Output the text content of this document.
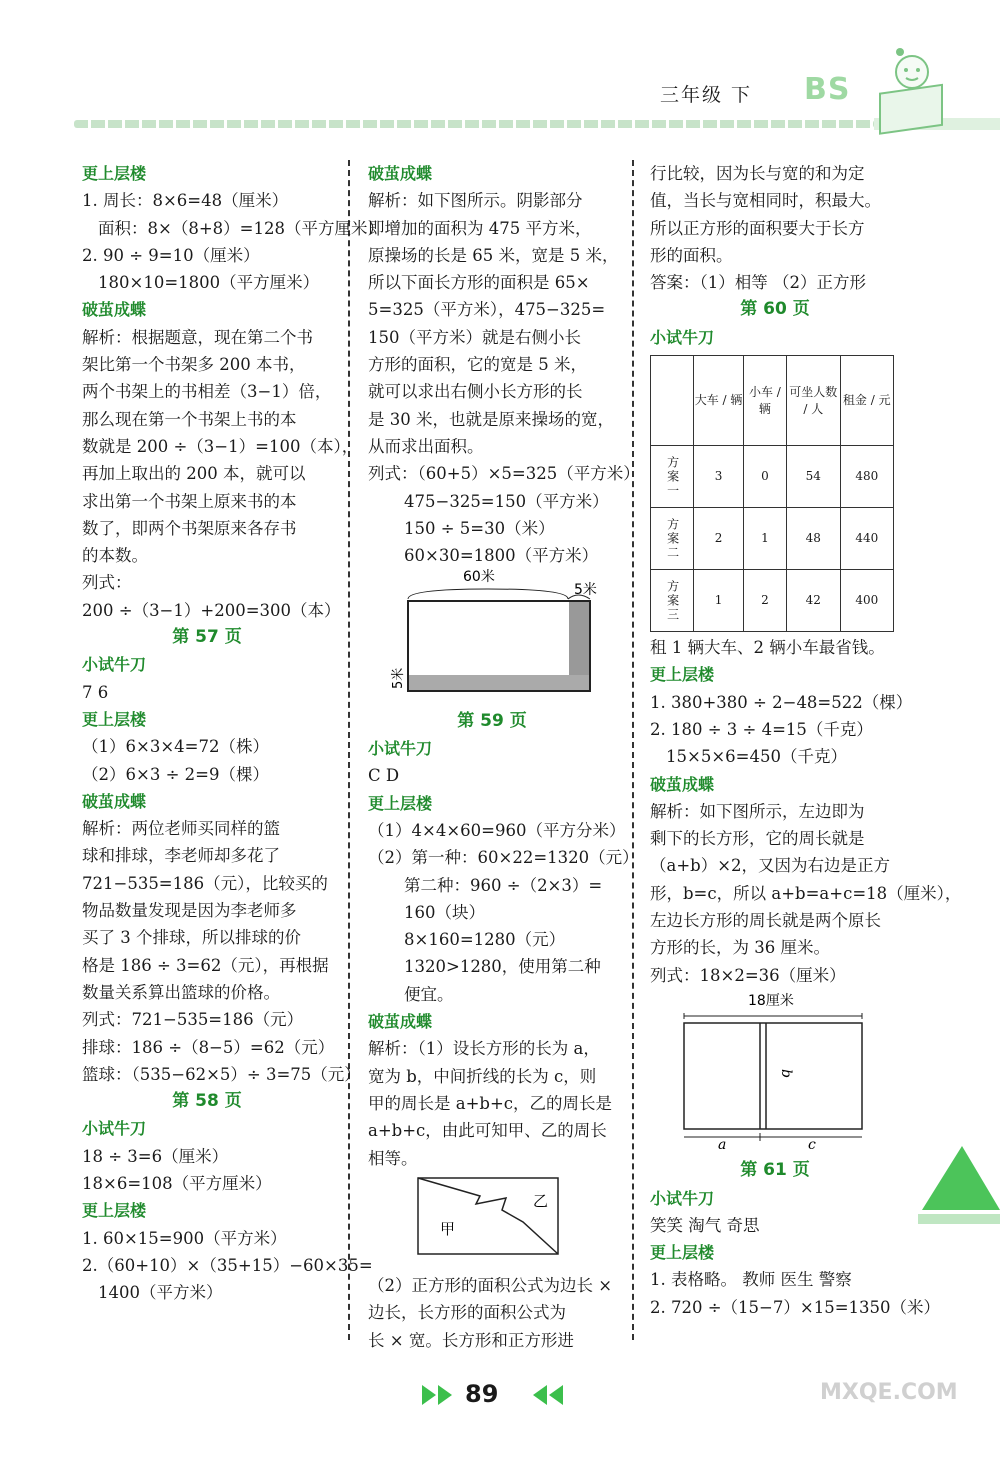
三年级 下 BS
更上层楼
1. 周长：8×6=48（厘米）
面积：8×（8+8）=128（平方厘米）
2. 90 ÷ 9=10（厘米）
180×10=1800（平方厘米）
破茧成蝶
解析：根据题意，现在第二个书
架比第一个书架多 200 本书，
两个书架上的书相差（3−1）倍，
那么现在第一个书架上书的本
数就是 200 ÷（3−1）=100（本），
再加上取出的 200 本，就可以
求出第一个书架上原来书的本
数了，即两个书架原来各存书
的本数。
列式：
200 ÷（3−1）+200=300（本）
第 57 页
小试牛刀
7 6
更上层楼
（1）6×3×4=72（株）
（2）6×3 ÷ 2=9（棵）
破茧成蝶
解析：两位老师买同样的篮
球和排球，李老师却多花了
721−535=186（元），比较买的
物品数量发现是因为李老师多
买了 3 个排球，所以排球的价
格是 186 ÷ 3=62（元），再根据
数量关系算出篮球的价格。
列式：721−535=186（元）
排球：186 ÷（8−5）=62（元）
篮球：（535−62×5）÷ 3=75（元）
第 58 页
小试牛刀
18 ÷ 3=6（厘米）
18×6=108（平方厘米）
更上层楼
1. 60×15=900（平方米）
2.（60+10）×（35+15）−60×35=
1400（平方米）
破茧成蝶
解析：如下图所示。阴影部分
即增加的面积为 475 平方米，
原操场的长是 65 米，宽是 5 米，
所以下面长方形的面积是 65×
5=325（平方米），475−325=
150（平方米）就是右侧小长
方形的面积，它的宽是 5 米，
就可以求出右侧小长方形的长
是 30 米，也就是原来操场的宽，
从而求出面积。
列式：（60+5）×5=325（平方米）
475−325=150（平方米）
150 ÷ 5=30（米）
60×30=1800（平方米）
60米
5米
5米
第 59 页
小试牛刀
C D
更上层楼
（1）4×4×60=960（平方分米）
（2）第一种：60×22=1320（元）
第二种：960 ÷（2×3）=
160（块）
8×160=1280（元）
1320>1280，使用第二种
便宜。
破茧成蝶
解析：（1）设长方形的长为 a，
宽为 b，中间折线的长为 c，则
甲的周长是 a+b+c，乙的周长是
a+b+c，由此可知甲、乙的周长
相等。
甲
乙
（2）正方形的面积公式为边长 ×
边长，长方形的面积公式为
长 × 宽。长方形和正方形进
行比较，因为长与宽的和为定
值，当长与宽相同时，积最大。
所以正方形的面积要大于长方
形的面积。
答案：（1）相等 （2）正方形
第 60 页
小试牛刀
	大车 / 辆	小车 / 辆	可坐人数 / 人	租金 / 元
方案一	3	0	54	480
方案二	2	1	48	440
方案三	1	2	42	400
租 1 辆大车、2 辆小车最省钱。
更上层楼
1. 380+380 ÷ 2−48=522（棵）
2. 180 ÷ 3 ÷ 4=15（千克）
15×5×6=450（千克）
破茧成蝶
解析：如下图所示，左边即为
剩下的长方形，它的周长就是
（a+b）×2，又因为右边是正方
形，b=c，所以 a+b=a+c=18（厘米），
左边长方形的周长就是两个原长
方形的长，为 36 厘米。
列式：18×2=36（厘米）
18厘米
b
a	c
第 61 页
小试牛刀
笑笑 淘气 奇思
更上层楼
1. 表格略。 教师 医生 警察
2. 720 ÷（15−7）×15=1350（米）
89	MXQE.COM
